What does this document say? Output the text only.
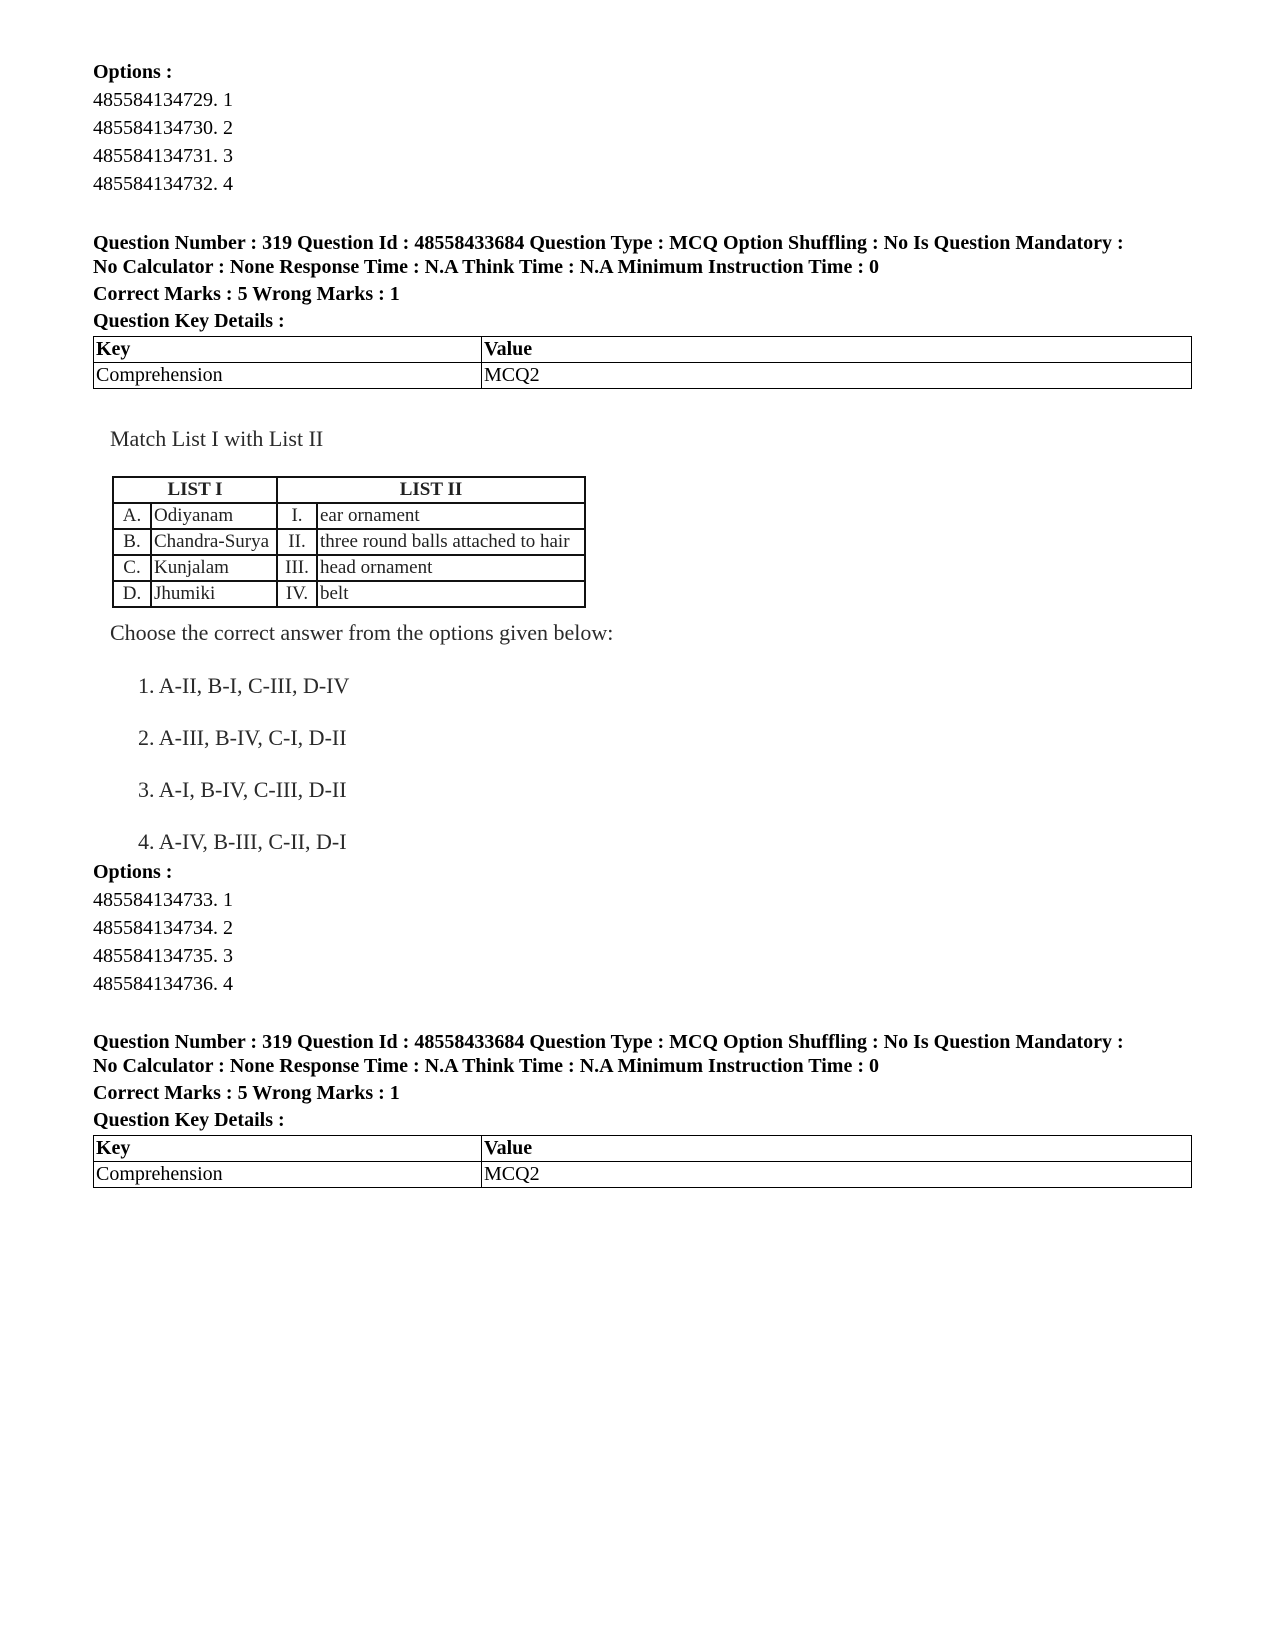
Options :
485584134729. 1
485584134730. 2
485584134731. 3
485584134732. 4
Question Number : 319 Question Id : 48558433684 Question Type : MCQ Option Shuffling : No Is Question Mandatory :
No Calculator : None Response Time : N.A Think Time : N.A Minimum Instruction Time : 0
Correct Marks : 5 Wrong Marks : 1
Question Key Details :
Key	Value
Comprehension	MCQ2
Match List I with List II
LIST I		LIST II	
A.	Odiyanam	I.	ear ornament
B.	Chandra-Surya	II.	three round balls attached to hair
C.	Kunjalam	III.	head ornament
D.	Jhumiki	IV.	belt
Choose the correct answer from the options given below:
1. A-II, B-I, C-III, D-IV
2. A-III, B-IV, C-I, D-II
3. A-I, B-IV, C-III, D-II
4. A-IV, B-III, C-II, D-I
Options :
485584134733. 1
485584134734. 2
485584134735. 3
485584134736. 4
Question Number : 319 Question Id : 48558433684 Question Type : MCQ Option Shuffling : No Is Question Mandatory :
No Calculator : None Response Time : N.A Think Time : N.A Minimum Instruction Time : 0
Correct Marks : 5 Wrong Marks : 1
Question Key Details :
Key	Value
Comprehension	MCQ2
